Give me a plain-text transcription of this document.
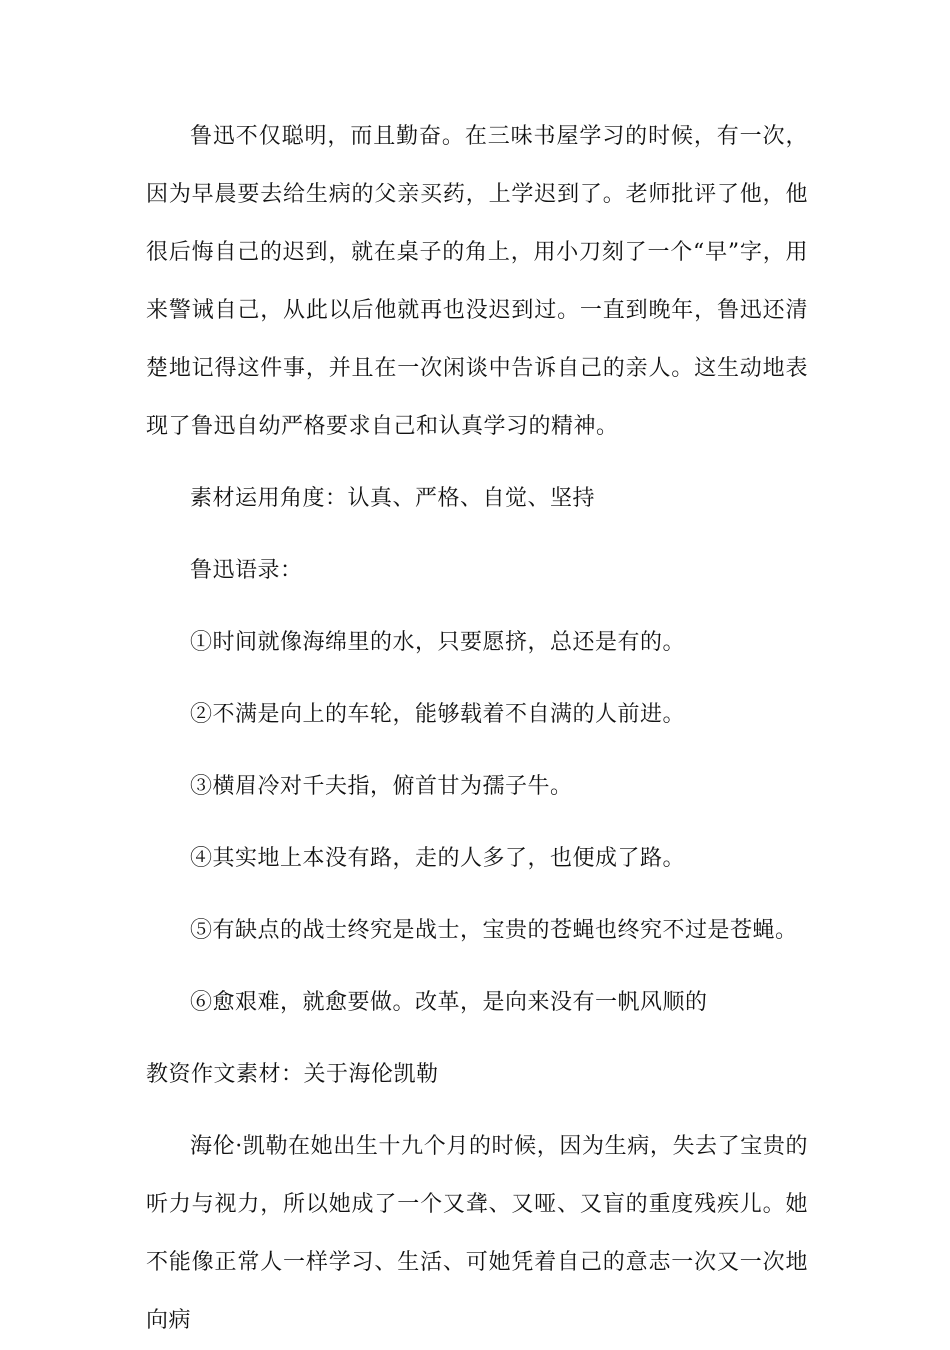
鲁迅不仅聪明，而且勤奋。在三味书屋学习的时候，有一次，因为早晨要去给生病的父亲买药，上学迟到了。老师批评了他，他很后悔自己的迟到，就在桌子的角上，用小刀刻了一个“早”字，用来警诫自己，从此以后他就再也没迟到过。一直到晚年，鲁迅还清楚地记得这件事，并且在一次闲谈中告诉自己的亲人。这生动地表现了鲁迅自幼严格要求自己和认真学习的精神。

素材运用角度：认真、严格、自觉、坚持

鲁迅语录：

①时间就像海绵里的水，只要愿挤，总还是有的。

②不满是向上的车轮，能够载着不自满的人前进。

③横眉冷对千夫指，俯首甘为孺子牛。

④其实地上本没有路，走的人多了，也便成了路。

⑤有缺点的战士终究是战士，宝贵的苍蝇也终究不过是苍蝇。

⑥愈艰难，就愈要做。改革，是向来没有一帆风顺的

教资作文素材：关于海伦凯勒

海伦·凯勒在她出生十九个月的时候，因为生病，失去了宝贵的听力与视力，所以她成了一个又聋、又哑、又盲的重度残疾儿。她不能像正常人一样学习、生活、可她凭着自己的意志一次又一次地向病
